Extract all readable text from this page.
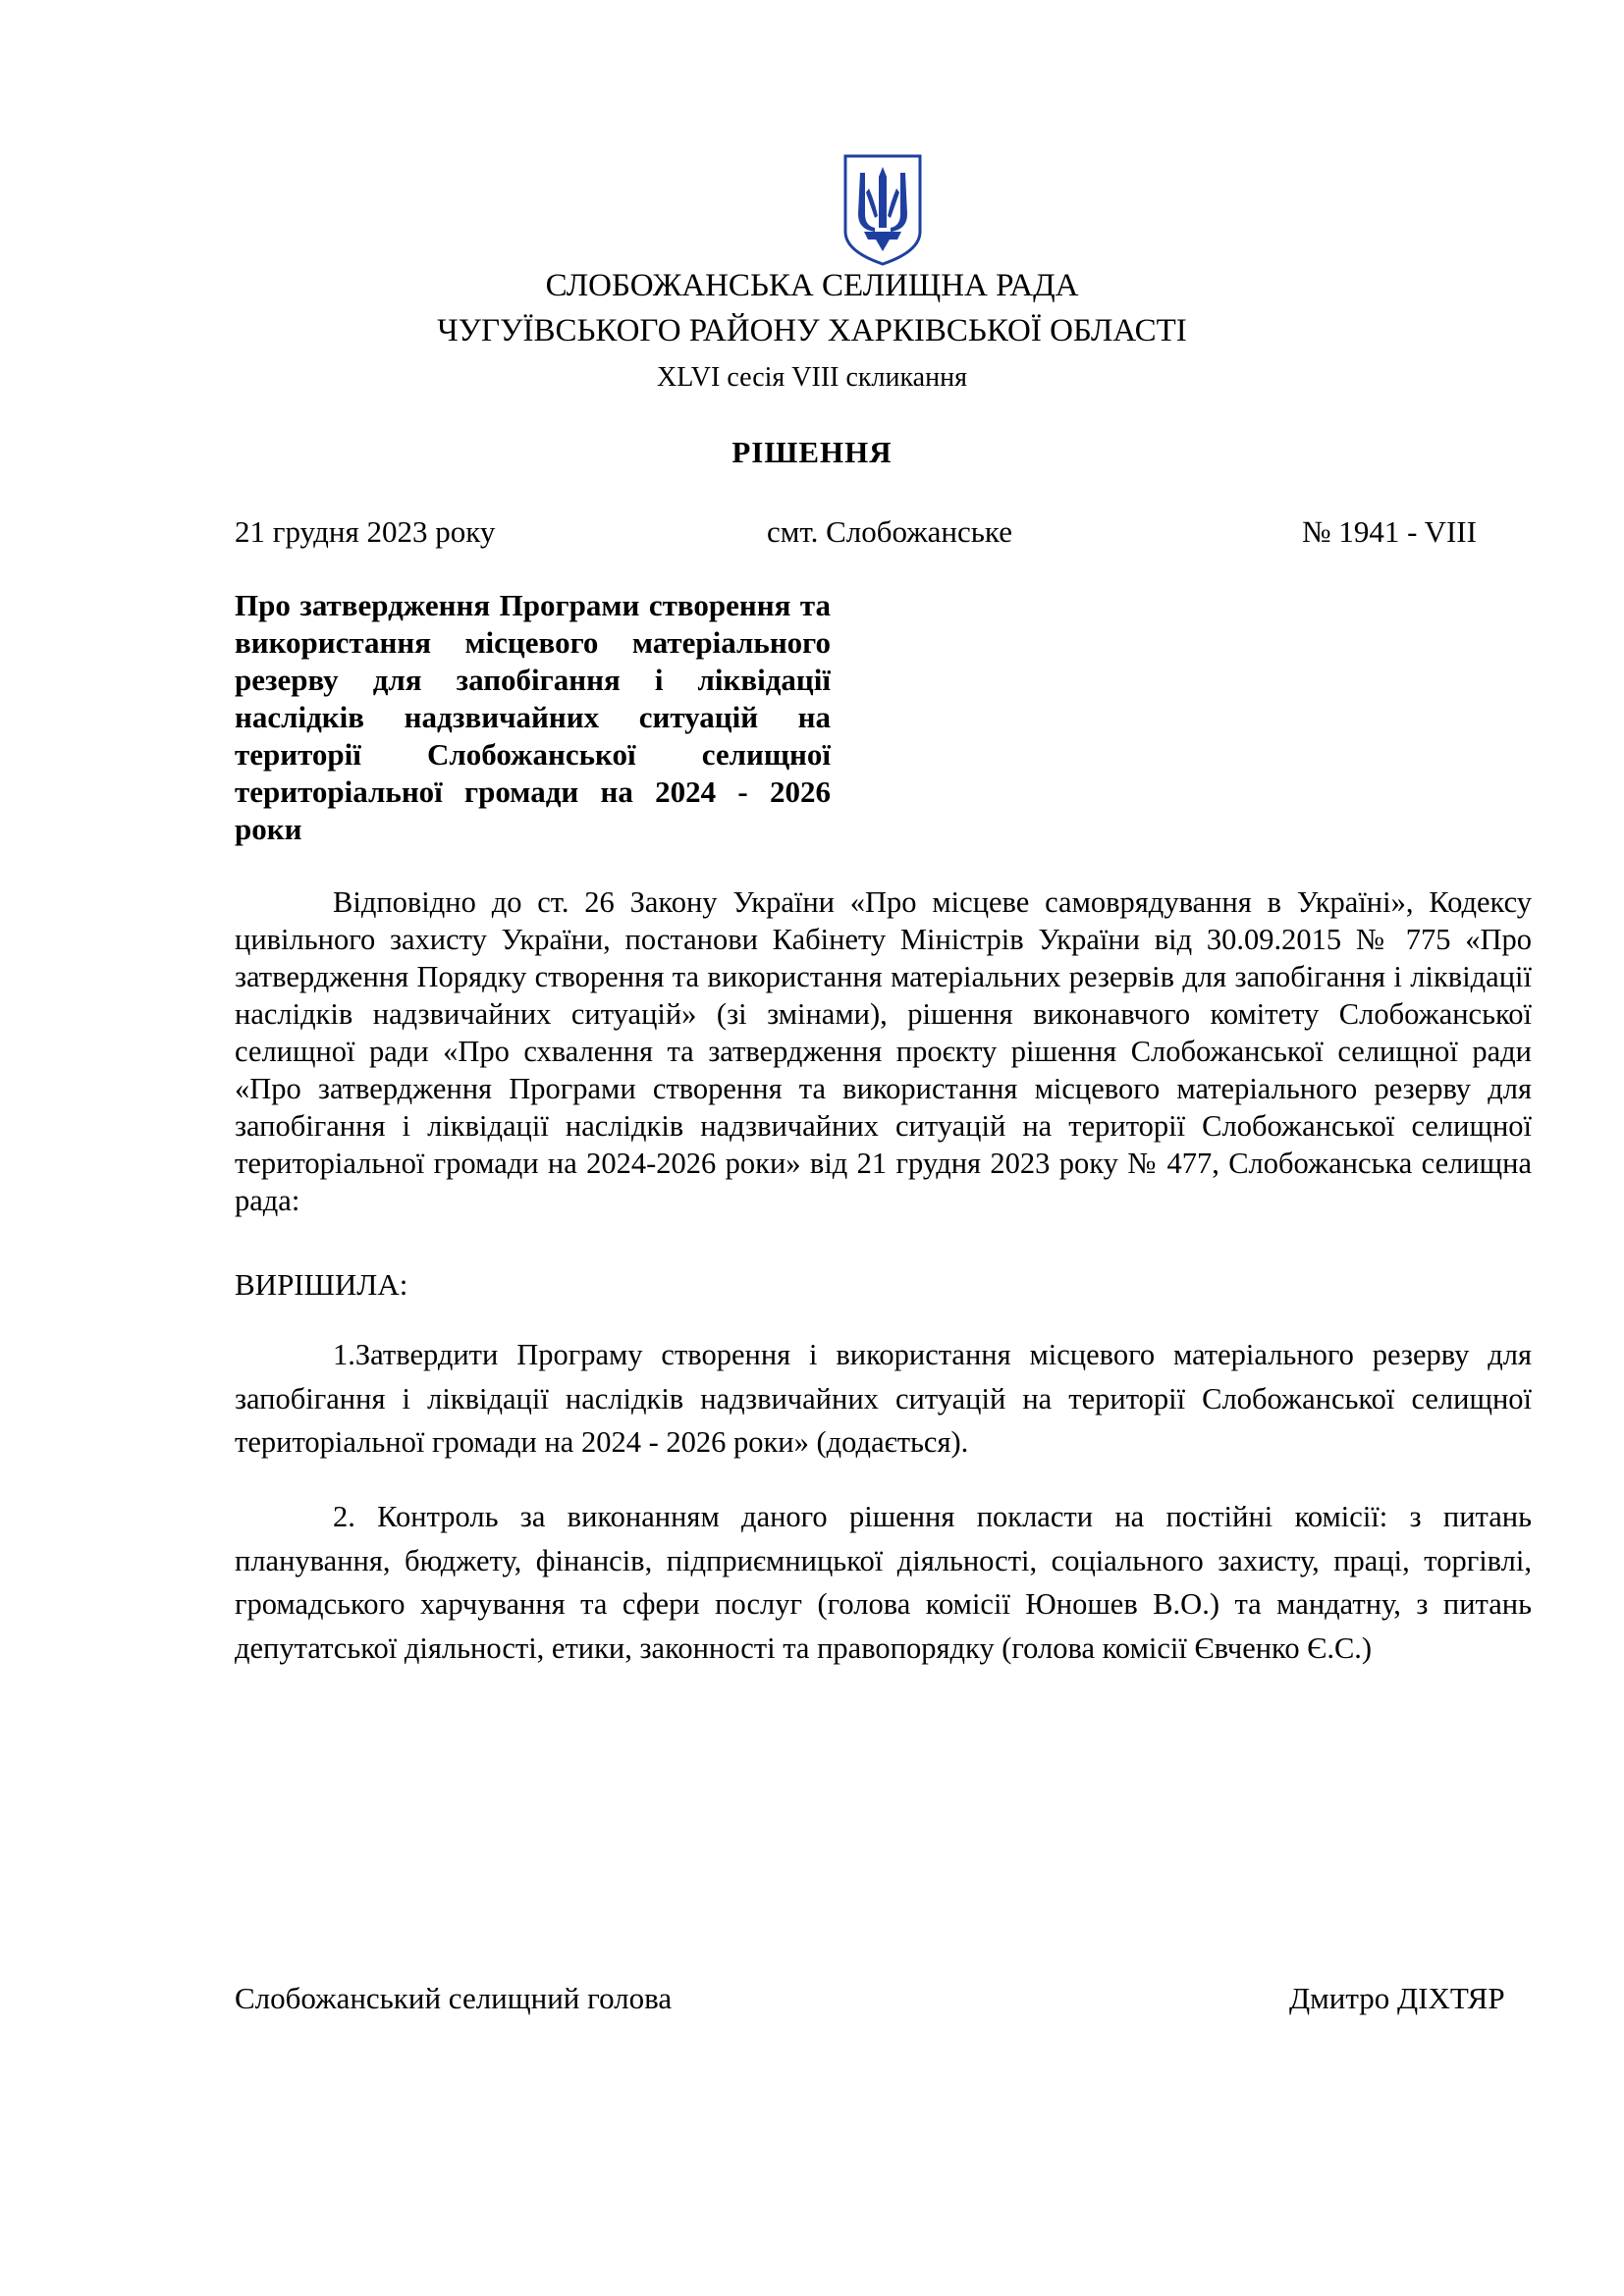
СЛОБОЖАНСЬКА СЕЛИЩНА РАДА
ЧУГУЇВСЬКОГО РАЙОНУ ХАРКІВСЬКОЇ ОБЛАСТІ
XLVI сесія VIII скликання
РІШЕННЯ
21 грудня 2023 року	смт. Слобожанське	№ 1941 - VIII
Про затвердження Програми створення та використання місцевого матеріального резерву для запобігання і ліквідації наслідків надзвичайних ситуацій на території Слобожанської селищної територіальної громади на 2024 - 2026 роки

Відповідно до ст. 26 Закону України «Про місцеве самоврядування в Україні», Кодексу цивільного захисту України, постанови Кабінету Міністрів України від 30.09.2015 № 775 «Про затвердження Порядку створення та використання матеріальних резервів для запобігання і ліквідації наслідків надзвичайних ситуацій» (зі змінами), рішення виконавчого комітету Слобожанської селищної ради «Про схвалення та затвердження проєкту рішення Слобожанської селищної ради «Про затвердження Програми створення та використання місцевого матеріального резерву для запобігання і ліквідації наслідків надзвичайних ситуацій на території Слобожанської селищної територіальної громади на 2024-2026 роки» від 21 грудня 2023 року № 477, Слобожанська селищна рада:

ВИРІШИЛА:

1.Затвердити Програму створення і використання місцевого матеріального резерву для запобігання і ліквідації наслідків надзвичайних ситуацій на території Слобожанської селищної територіальної громади на 2024 - 2026 роки» (додається).

2. Контроль за виконанням даного рішення покласти на постійні комісії: з питань планування, бюджету, фінансів, підприємницької діяльності, соціального захисту, праці, торгівлі, громадського харчування та сфери послуг (голова комісії Юношев В.О.) та мандатну, з питань депутатської діяльності, етики, законності та правопорядку (голова комісії Євченко Є.С.)

Слобожанський селищний голова	Дмитро ДІХТЯР
